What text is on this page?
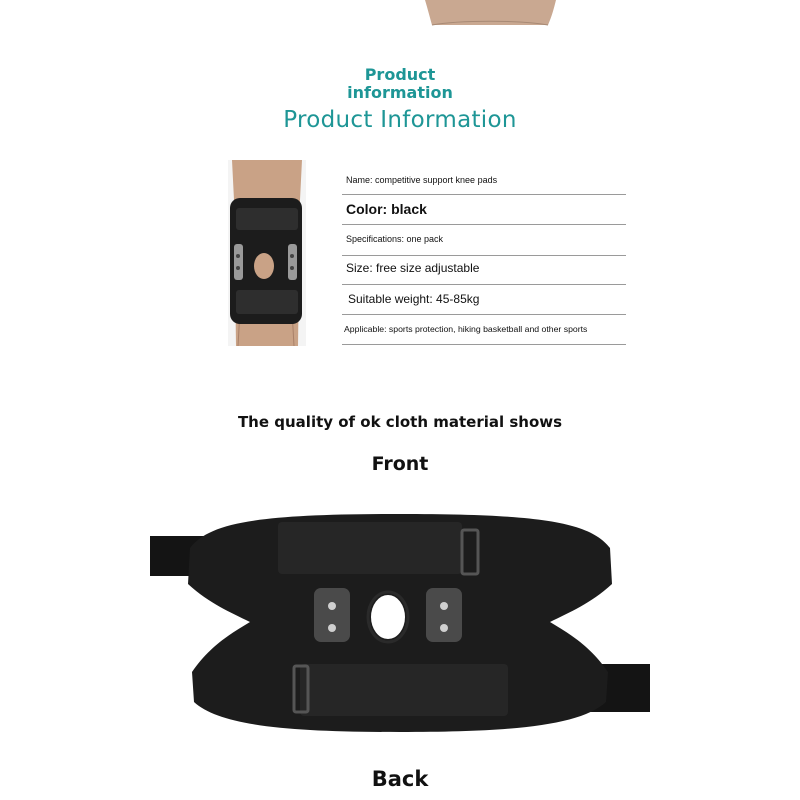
Product information
Product Information
Name: competitive support knee pads
Color: black
Specifications: one pack
Size: free size adjustable
Suitable weight: 45-85kg
Applicable: sports protection, hiking basketball and other sports
The quality of ok cloth material shows
Front
Back
